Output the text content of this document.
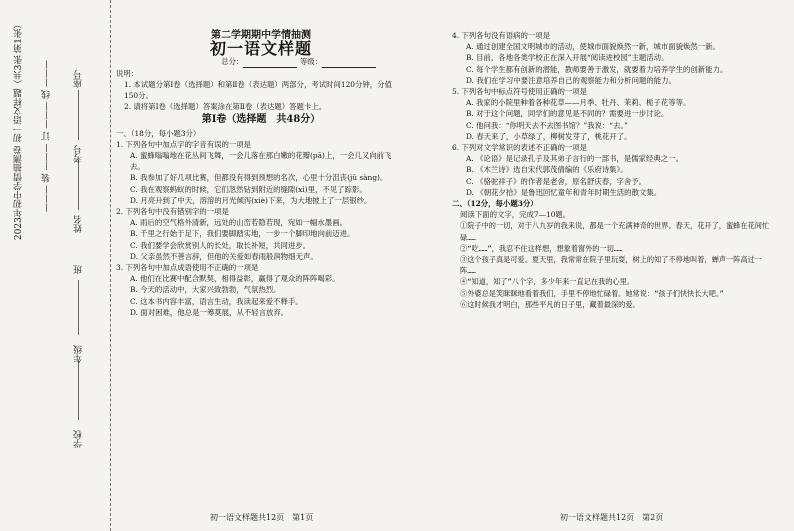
2023年初中学情抽测卷 初一语文样题（共3张 第1张） ——— 装 ——— 订 ——— 线 ———
学校
年级
班
姓名
考号
座号
第二学期期中学情抽测
初一语文样题
总分：	等级：

说明：

1. 本试题分第Ⅰ卷（选择题）和第Ⅱ卷（表达题）两部分，考试时间120分钟，分值150分。

2. 请将第Ⅰ卷（选择题）答案涂在第Ⅱ卷（表达题）答题卡上。

第Ⅰ卷（选择题　共48分）

一、（18分，每小题3分）

1. 下列各句中加点字的字音有误的一项是

A. 蜜蜂嗡嗡地在花丛间飞舞，一会儿落在那白嫩的花瓣(pā)上，一会儿又向前飞去。

B. 我参加了好几项比赛，但都没有得到预想的名次，心里十分沮丧(jǔ sàng)。

C. 我在观察蚂蚁的时候，它们忽然钻到附近的缝隙(xì)里，不见了踪影。

D. 月亮升到了中天，溶溶的月光倾泻(xiè)下来，为大地披上了一层银纱。

2. 下列各句中没有错别字的一项是

A. 雨后的空气格外清新，远处的山峦若隐若现，宛如一幅水墨画。

B. 千里之行始于足下，我们要脚踏实地，一步一个脚印地向前迈进。

C. 我们要学会欣赏别人的长处，取长补短，共同进步。

D. 父亲虽然不善言辞，但他的关爱如春雨般润物细无声。

3. 下列各句中加点成语使用不正确的一项是

A. 他们在比赛中配合默契，相得益彰，赢得了观众的阵阵喝彩。

B. 今天的活动中，大家兴致勃勃，气氛热烈。

C. 这本书内容丰富，语言生动，我读起来爱不释手。

D. 面对困难，他总是一筹莫展，从不轻言放弃。

4. 下列各句没有语病的一项是

A. 通过创建全国文明城市的活动，使城市面貌焕然一新，城市面貌焕然一新。

B. 目前，各地各类学校正在深入开展“阅读进校园”主题活动。

C. 每个学生都有创新的潜能，教师要善于激发，就要着力培养学生的创新能力。

D. 我们在学习中要注意培养自己的观察能力和分析问题的能力。

5. 下列各句中标点符号使用正确的一项是

A. 我家的小院里种着各种花草——月季、牡丹、茉莉、栀子花等等。

B. 对于这个问题，同学们的意见是不同的？需要进一步讨论。

C. 他问我：“你明天去不去图书馆？”我说：“去。”

D. 春天来了，小草绿了，柳树发芽了，桃花开了。

6. 下列对文学常识的表述不正确的一项是

A. 《论语》是记录孔子及其弟子言行的一部书，是儒家经典之一。

B. 《木兰诗》选自宋代郭茂倩编的《乐府诗集》。

C. 《骆驼祥子》的作者是老舍，原名舒庆春，字舍予。

D. 《朝花夕拾》是鲁迅回忆童年和青年时期生活的散文集。

二、（12分，每小题3分）

阅读下面的文字，完成7—10题。

①院子中的一切，对于八九岁的我来说，都是一个充满神奇的世界。春天，花开了，蜜蜂在花间忙碌……

②“吃……”，我忍不住这样想，想象着窗外的一切……

③这个孩子真是可爱。夏天里，我常常在院子里玩耍，树上的知了不停地叫着，蝉声一阵高过一阵……

④“知道，知了”八个字，多少年来一直记在我的心里。

⑤外婆总是笑眯眯地看着我们，手里不停地忙碌着。她常说：“孩子们快快长大吧。”

⑥这时候我才明白，那些平凡的日子里，藏着最深的爱。

初一语文样题共12页　第1页	初一语文样题共12页　第2页
